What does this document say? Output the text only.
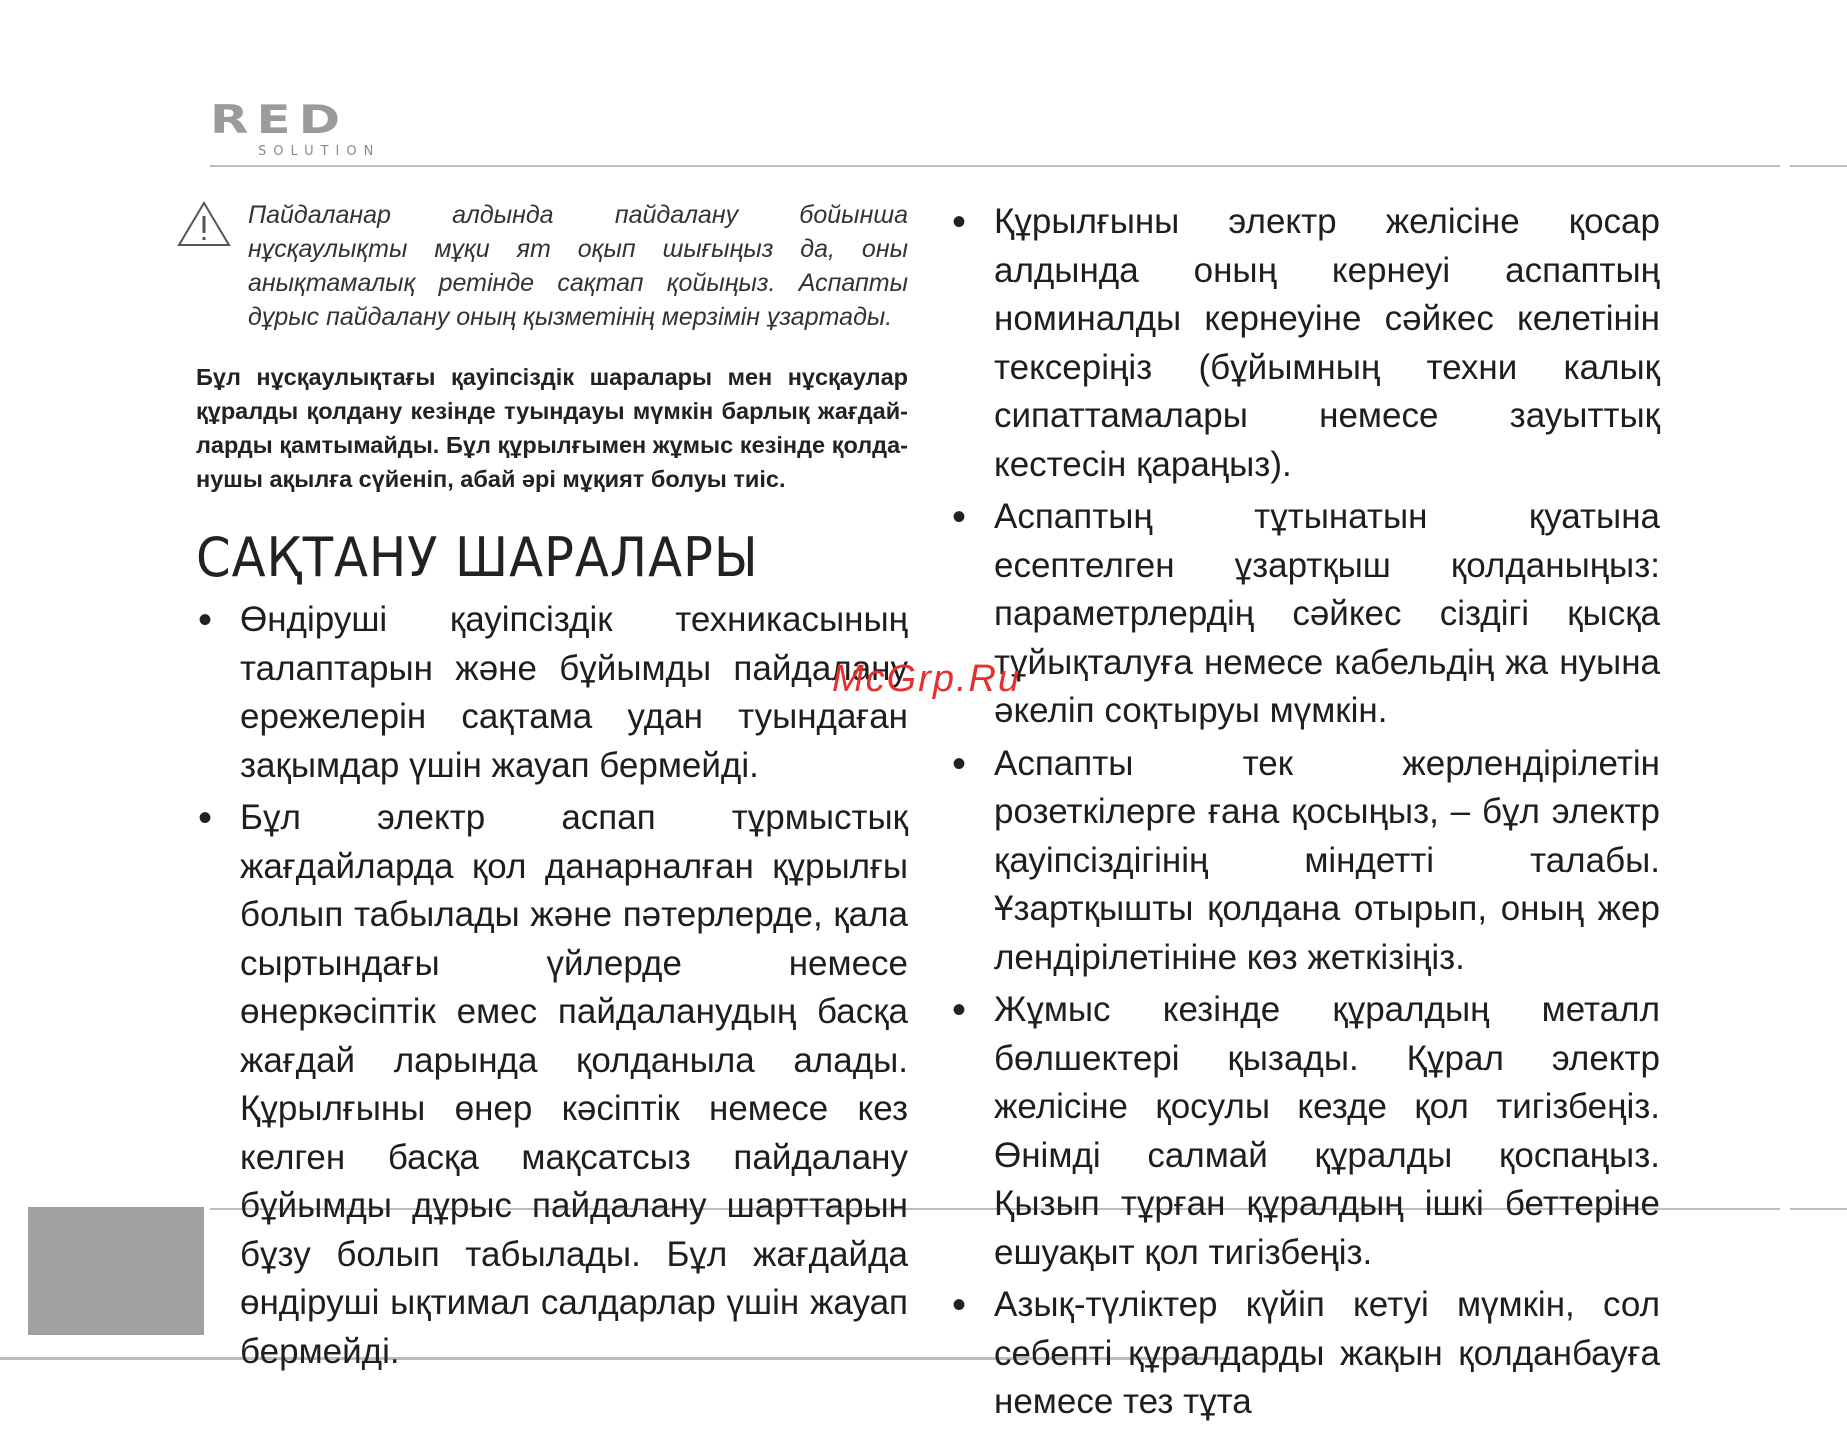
RED
SOLUTION
Пайдаланар алдында пайдалану бойынша нұсқаулықты мұқи ят оқып шығыңыз да, оны анықтамалық ретінде сақтап қойыңыз. Аспапты дұрыс пайдалану оның қызметінің мерзімін ұзартады.
Бұл нұсқаулықтағы қауіпсіздік шаралары мен нұсқаулар құралды қолдану кезінде туындауы мүмкін барлық жағдай-ларды қамтымайды. Бұл құрылғымен жұмыс кезінде қолда-нушы ақылға сүйеніп, абай әрі мұқият болуы тиіс.
САҚТАНУ ШАРАЛАРЫ
• Өндіруші қауіпсіздік техникасының талаптарын және бұйымды пайдалану ережелерін сақтама удан туындаған зақымдар үшін жауап бермейді.
• Бұл электр аспап тұрмыстық жағдайларда қол данарналған құрылғы болып табылады және пәтерлерде, қала сыртындағы үйлерде немесе өнеркәсіптік емес пайдаланудың басқа жағдай ларында қолданыла алады. Құрылғыны өнер кәсіптік немесе кез келген басқа мақсатсыз пайдалану бұйымды дұрыс пайдалану шарттарын бұзу болып табылады. Бұл жағдайда өндіруші ықтимал салдарлар үшін жауап бермейді.
• Құрылғыны электр желісіне қосар алдында оның кернеуі аспаптың номиналды кернеуіне сәйкес келетінін тексеріңіз (бұйымның техни калық сипаттамалары немесе зауыттық кестесін қараңыз).
• Аспаптың тұтынатын қуатына есептелген ұзартқыш қолданыңыз: параметрлердің сәйкес сіздігі қысқа тұйықталуға немесе кабельдің жа нуына әкеліп соқтыруы мүмкін.
• Аспапты тек жерлендірілетін розеткілерге ғана қосыңыз, – бұл электр қауіпсіздігінің міндетті талабы. Ұзартқышты қолдана отырып, оның жер лендірілетініне көз жеткізіңіз.
• Жұмыс кезінде құралдың металл бөлшектері қызады. Құрал электр желісіне қосулы кезде қол тигізбеңіз. Өнімді салмай құралды қоспаңыз. Қызып тұрған құралдың ішкі беттеріне ешуақыт қол тигізбеңіз.
• Азық-түліктер күйіп кетуі мүмкін, сол себепті құралдарды жақын қолданбауға немесе тез тұта
McGrp.Ru
